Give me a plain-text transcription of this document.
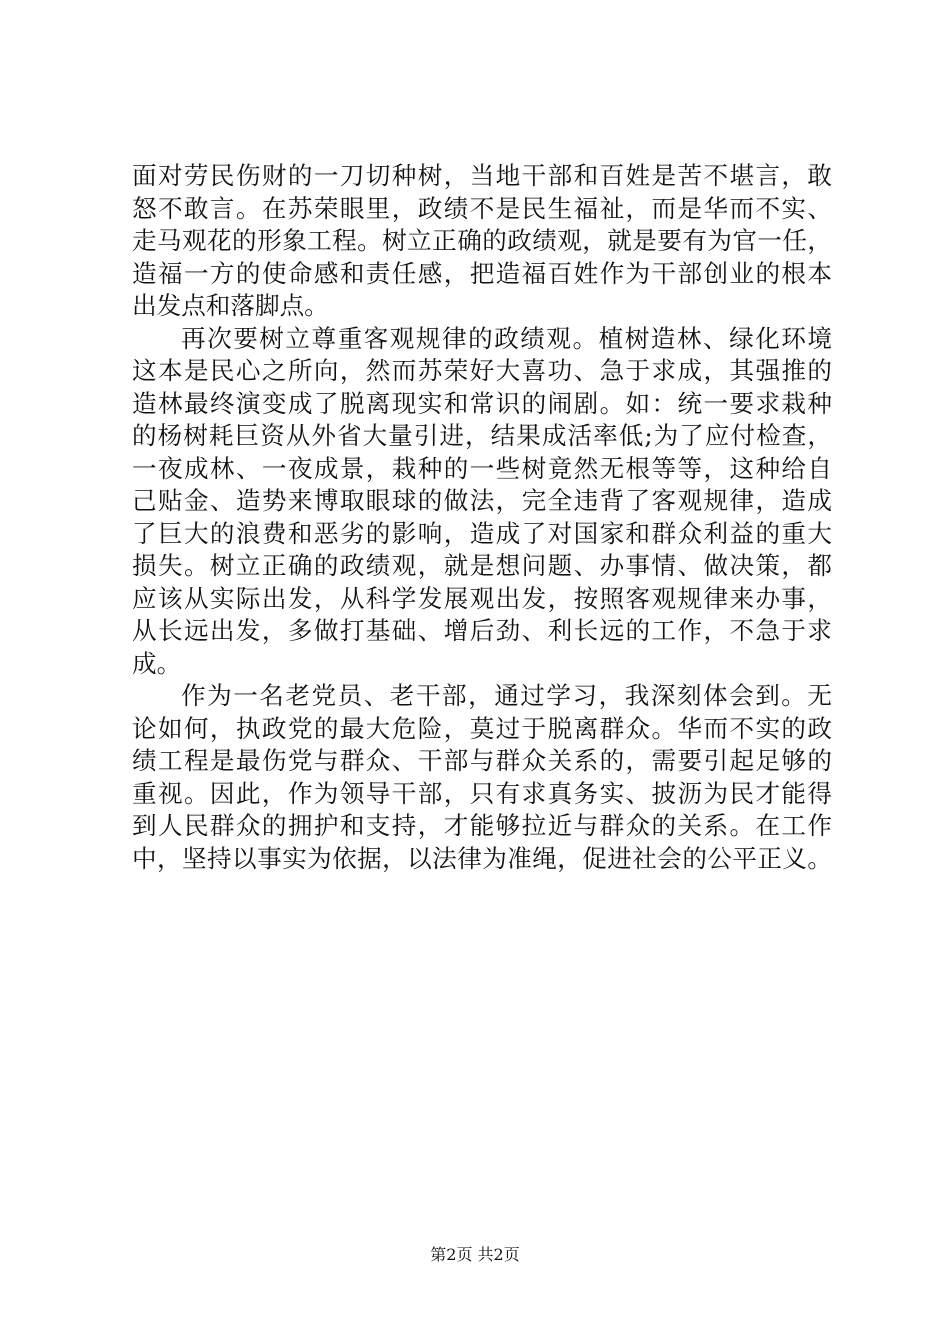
面对劳民伤财的一刀切种树，当地干部和百姓是苦不堪言，敢
怒不敢言。在苏荣眼里，政绩不是民生福祉，而是华而不实、
走马观花的形象工程。树立正确的政绩观，就是要有为官一任，
造福一方的使命感和责任感，把造福百姓作为干部创业的根本
出发点和落脚点。
再次要树立尊重客观规律的政绩观。植树造林、绿化环境
这本是民心之所向，然而苏荣好大喜功、急于求成，其强推的
造林最终演变成了脱离现实和常识的闹剧。如：统一要求栽种
的杨树耗巨资从外省大量引进，结果成活率低;为了应付检查，
一夜成林、一夜成景，栽种的一些树竟然无根等等，这种给自
己贴金、造势来博取眼球的做法，完全违背了客观规律，造成
了巨大的浪费和恶劣的影响，造成了对国家和群众利益的重大
损失。树立正确的政绩观，就是想问题、办事情、做决策，都
应该从实际出发，从科学发展观出发，按照客观规律来办事，
从长远出发，多做打基础、增后劲、利长远的工作，不急于求
成。
作为一名老党员、老干部，通过学习，我深刻体会到。无
论如何，执政党的最大危险，莫过于脱离群众。华而不实的政
绩工程是最伤党与群众、干部与群众关系的，需要引起足够的
重视。因此，作为领导干部，只有求真务实、披沥为民才能得
到人民群众的拥护和支持，才能够拉近与群众的关系。在工作
中，坚持以事实为依据，以法律为准绳，促进社会的公平正义。
第2页 共2页
